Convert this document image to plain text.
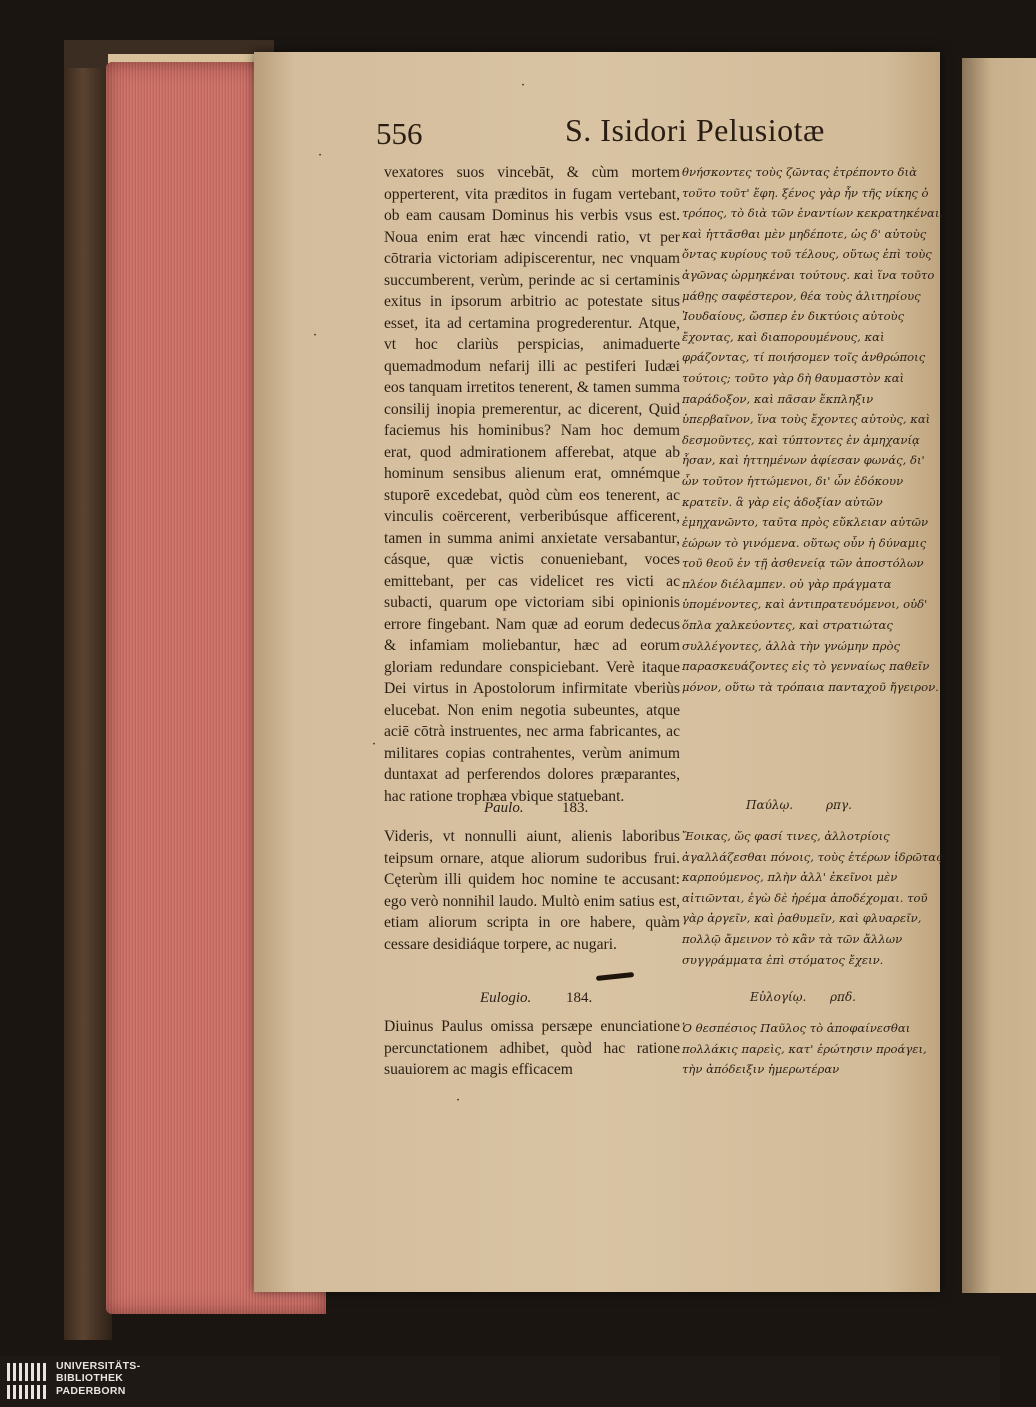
556	S. Isidori Pelusiotæ

vexatores suos vincebāt, & cùm mortem opperterent, vita præditos in fugam vertebant, ob eam causam Dominus his verbis vsus est. Noua enim erat hæc vincendi ratio, vt per cōtraria victoriam adipiscerentur, nec vnquam succumberent, verùm, perinde ac si certaminis exitus in ipsorum arbitrio ac potestate situs esset, ita ad certamina progrederentur. Atque, vt hoc clariùs perspicias, animaduerte quemadmodum nefarij illi ac pestiferi Iudæi eos tanquam irretitos tenerent, & tamen summa consilij inopia premerentur, ac dicerent, Quid faciemus his hominibus? Nam hoc demum erat, quod admirationem afferebat, atque ab hominum sensibus alienum erat, omnémque stuporē excedebat, quòd cùm eos tenerent, ac vinculis coërcerent, verberibúsque afficerent, tamen in summa animi anxietate versabantur, cásque, quæ victis conueniebant, voces emittebant, per cas videlicet res victi ac subacti, quarum ope victoriam sibi opinionis errore fingebant. Nam quæ ad eorum dedecus & infamiam moliebantur, hæc ad eorum gloriam redundare conspiciebant. Verè itaque Dei virtus in Apostolorum infirmitate vberiùs elucebat. Non enim negotia subeuntes, atque aciē cōtrà instruentes, nec arma fabricantes, ac militares copias contrahentes, verùm animum duntaxat ad perferendos dolores præparantes, hac ratione trophæa vbique statuebant.

Paulo.	183.

Videris, vt nonnulli aiunt, alienis laboribus teipsum ornare, atque aliorum sudoribus frui. Cęterùm illi quidem hoc nomine te accusant: ego verò nonnihil laudo. Multò enim satius est, etiam aliorum scripta in ore habere, quàm cessare desidiáque torpere, ac nugari.

Eulogio. 184.

Diuinus Paulus omissa persæpe enunciatione percunctationem adhibet, quòd hac ratione suauiorem ac magis efficacem

θνήσκοντες τοὺς ζῶντας ἐτρέποντο διὰ τοῦτο τοῦτ' ἔφη. ξένος γὰρ ἦν τῆς νίκης ὁ τρόπος, τὸ διὰ τῶν ἐναντίων κεκρατηκέναι, καὶ ἡττᾶσθαι μὲν μηδέποτε, ὡς δ' αὐτοὺς ὄντας κυρίους τοῦ τέλους, οὕτως ἐπὶ τοὺς ἀγῶνας ὡρμηκέναι τούτους. καὶ ἵνα τοῦτο μάθῃς σαφέστερον, θέα τοὺς ἀλιτηρίους Ἰουδαίους, ὥσπερ ἐν δικτύοις αὐτοὺς ἔχοντας, καὶ διαπορουμένους, καὶ φράζοντας, τί ποιήσομεν τοῖς ἀνθρώποις τούτοις; τοῦτο γὰρ δὴ θαυμαστὸν καὶ παράδοξον, καὶ πᾶσαν ἔκπληξιν ὑπερβαῖνον, ἵνα τοὺς ἔχοντες αὐτοὺς, καὶ δεσμοῦντες, καὶ τύπτοντες ἐν ἀμηχανίᾳ ἦσαν, καὶ ἡττημένων ἀφίεσαν φωνάς, δι' ὧν τοῦτον ἡττώμενοι, δι' ὧν ἐδόκουν κρατεῖν. ἃ γὰρ εἰς ἀδοξίαν αὐτῶν ἐμηχανῶντο, ταῦτα πρὸς εὔκλειαν αὐτῶν ἑώρων τὸ γινόμενα. οὕτως οὖν ἡ δύναμις τοῦ θεοῦ ἐν τῇ ἀσθενείᾳ τῶν ἀποστόλων πλέον διέλαμπεν. οὐ γὰρ πράγματα ὑπομένοντες, καὶ ἀντιπρατευόμενοι, οὐδ' ὅπλα χαλκεύοντες, καὶ στρατιώτας συλλέγοντες, ἀλλὰ τὴν γνώμην πρὸς παρασκευάζοντες εἰς τὸ γενναίως παθεῖν μόνον, οὕτω τὰ τρόπαια πανταχοῦ ἤγειρον.

Παύλῳ.	ρπγ.

Ἔοικας, ὥς φασί τινες, ἀλλοτρίοις ἀγαλλάζεσθαι πόνοις, τοὺς ἑτέρων ἱδρῶτας καρπούμενος, πλὴν ἀλλ' ἐκεῖνοι μὲν αἰτιῶνται, ἐγὼ δὲ ἠρέμα ἀποδέχομαι. τοῦ γὰρ ἀργεῖν, καὶ ῥαθυμεῖν, καὶ φλυαρεῖν, πολλῷ ἄμεινον τὸ κἂν τὰ τῶν ἄλλων συγγράμματα ἐπὶ στόματος ἔχειν.

Εὐλογίῳ. ρπδ.

Ὁ θεσπέσιος Παῦλος τὸ ἀποφαίνεσθαι πολλάκις παρεὶς, κατ' ἐρώτησιν προάγει, τὴν ἀπόδειξιν ἡμερωτέραν

·
·
·
·
·
UNIVERSITÄTS-
BIBLIOTHEK
PADERBORN
